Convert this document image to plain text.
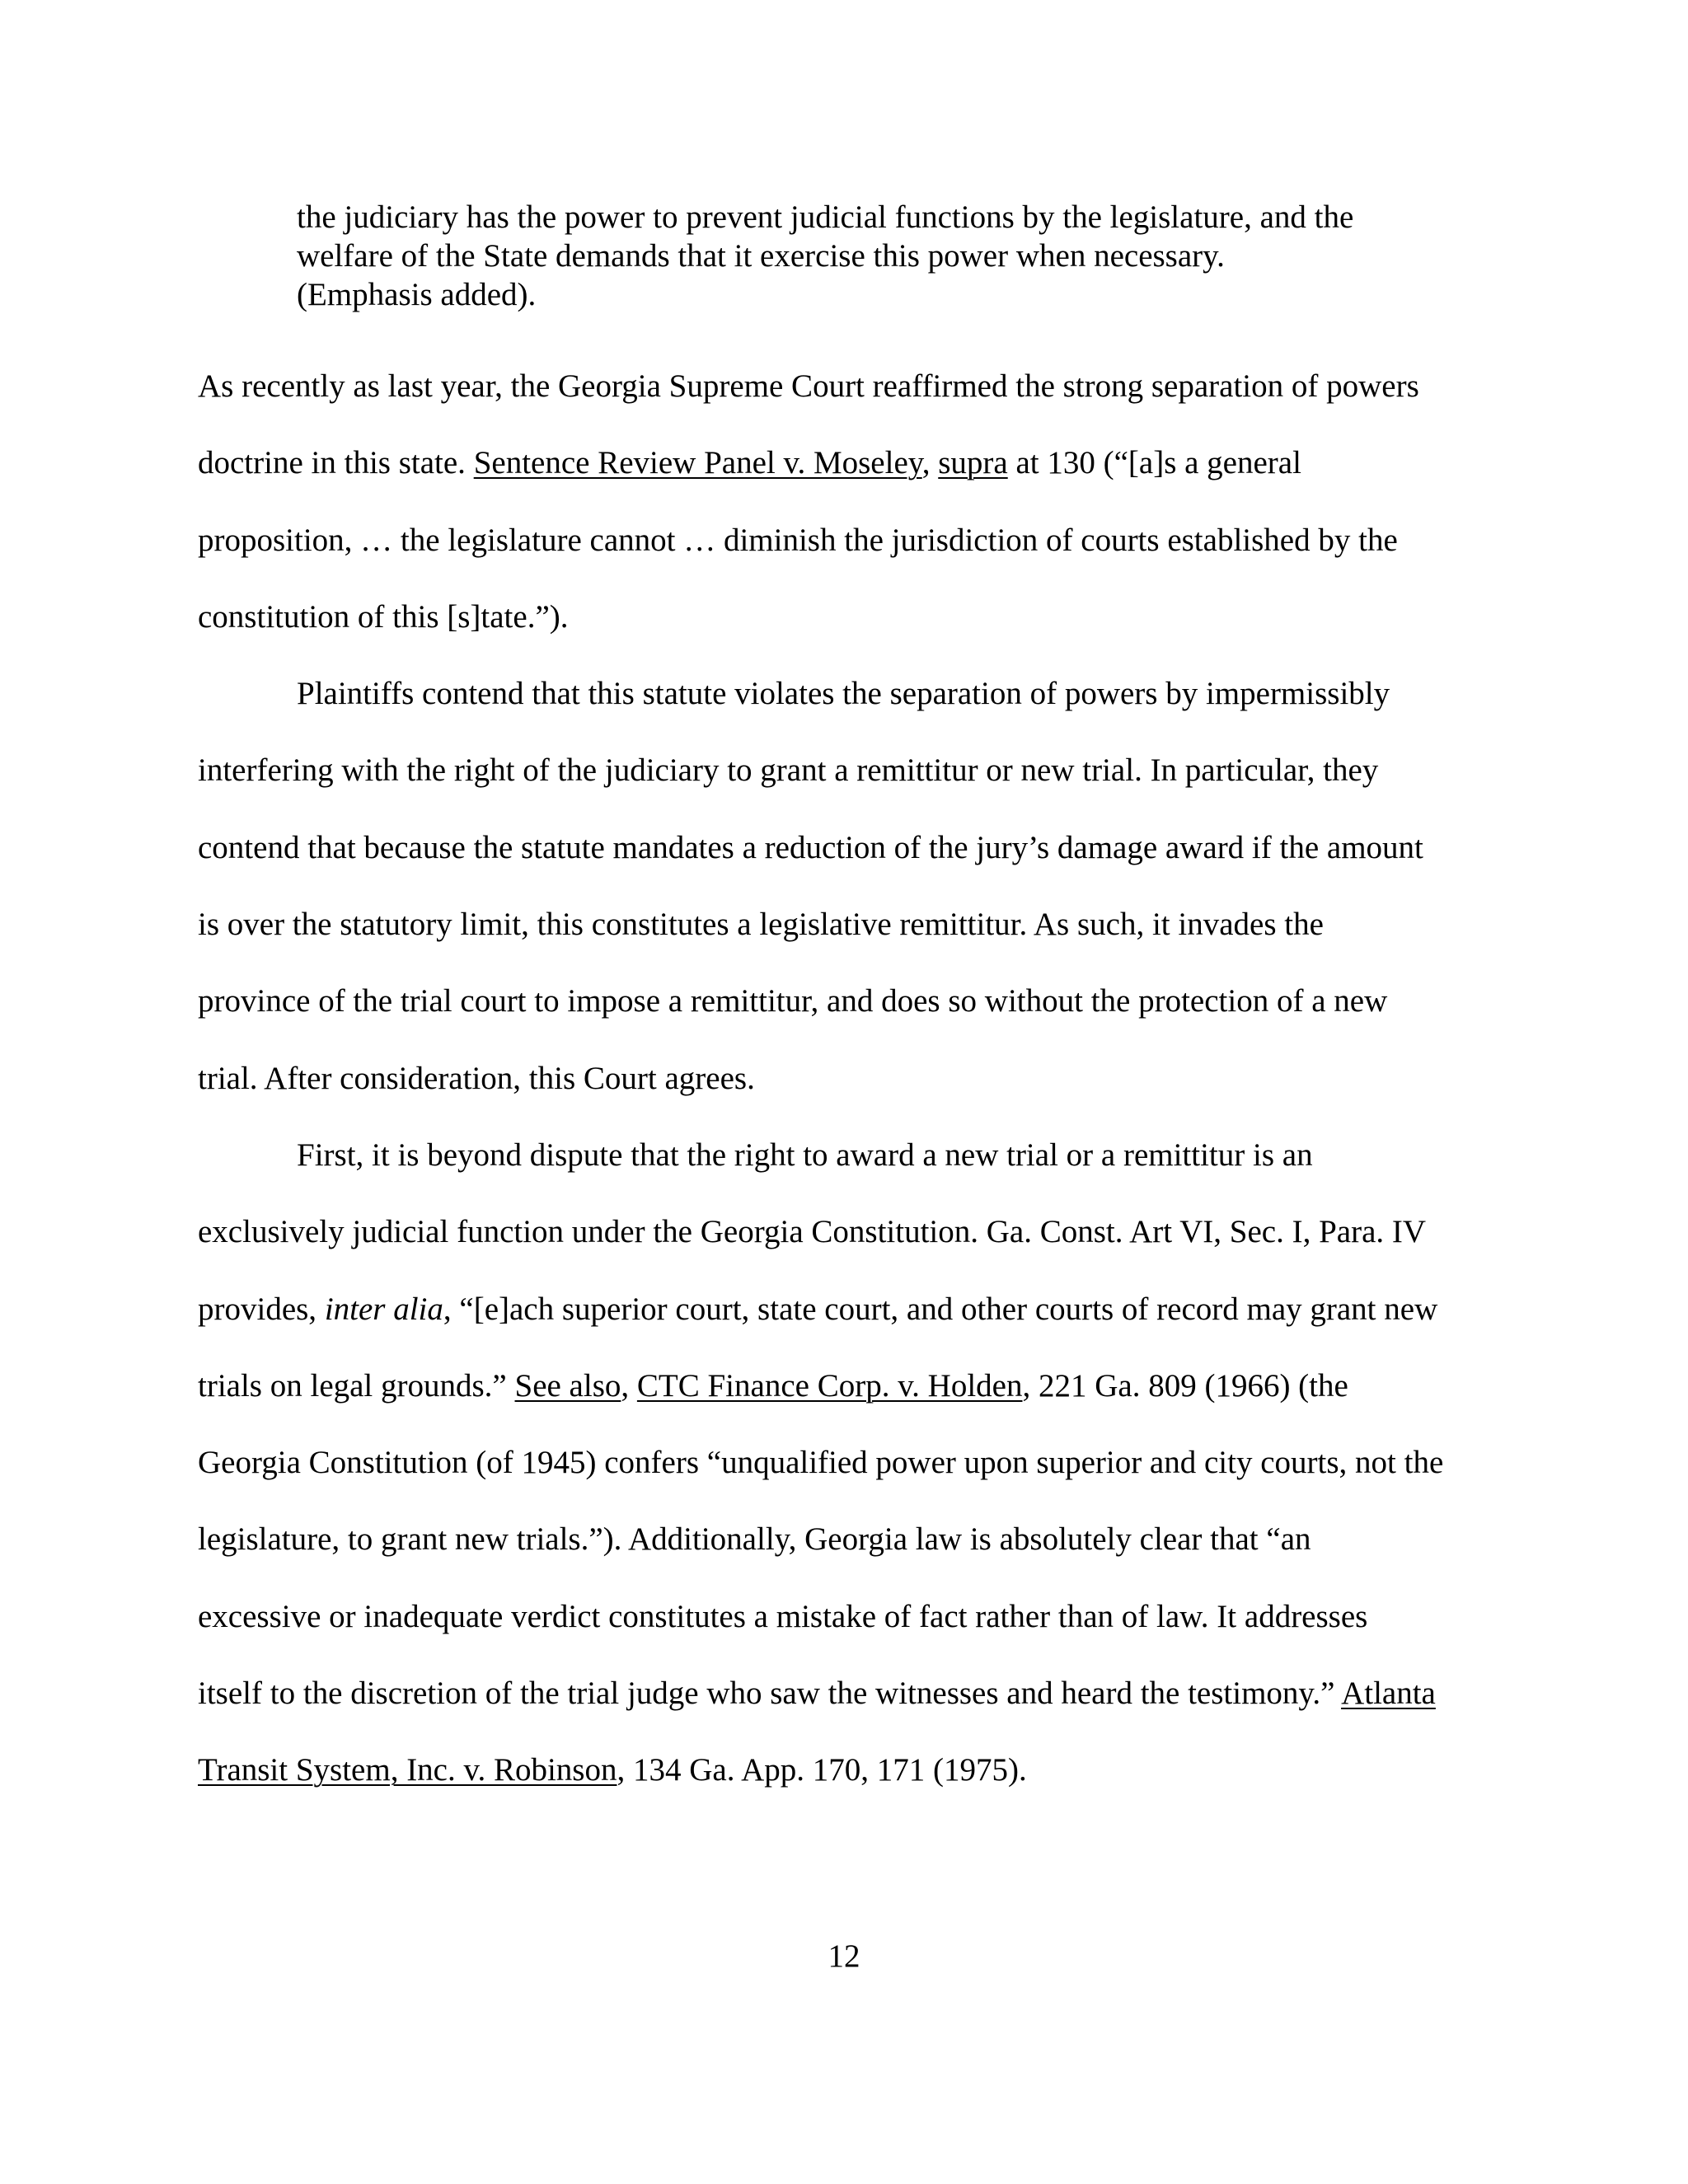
the judiciary has the power to prevent judicial functions by the legislature, and the
welfare of the State demands that it exercise this power when necessary.
(Emphasis added).
As recently as last year, the Georgia Supreme Court reaffirmed the strong separation of powers
doctrine in this state. Sentence Review Panel v. Moseley, supra at 130 (“[a]s a general
proposition, … the legislature cannot … diminish the jurisdiction of courts established by the
constitution of this [s]tate.”).
Plaintiffs contend that this statute violates the separation of powers by impermissibly
interfering with the right of the judiciary to grant a remittitur or new trial. In particular, they
contend that because the statute mandates a reduction of the jury’s damage award if the amount
is over the statutory limit, this constitutes a legislative remittitur. As such, it invades the
province of the trial court to impose a remittitur, and does so without the protection of a new
trial. After consideration, this Court agrees.
First, it is beyond dispute that the right to award a new trial or a remittitur is an
exclusively judicial function under the Georgia Constitution. Ga. Const. Art VI, Sec. I, Para. IV
provides, inter alia, “[e]ach superior court, state court, and other courts of record may grant new
trials on legal grounds.” See also, CTC Finance Corp. v. Holden, 221 Ga. 809 (1966) (the
Georgia Constitution (of 1945) confers “unqualified power upon superior and city courts, not the
legislature, to grant new trials.”). Additionally, Georgia law is absolutely clear that “an
excessive or inadequate verdict constitutes a mistake of fact rather than of law. It addresses
itself to the discretion of the trial judge who saw the witnesses and heard the testimony.” Atlanta
Transit System, Inc. v. Robinson, 134 Ga. App. 170, 171 (1975).
12
